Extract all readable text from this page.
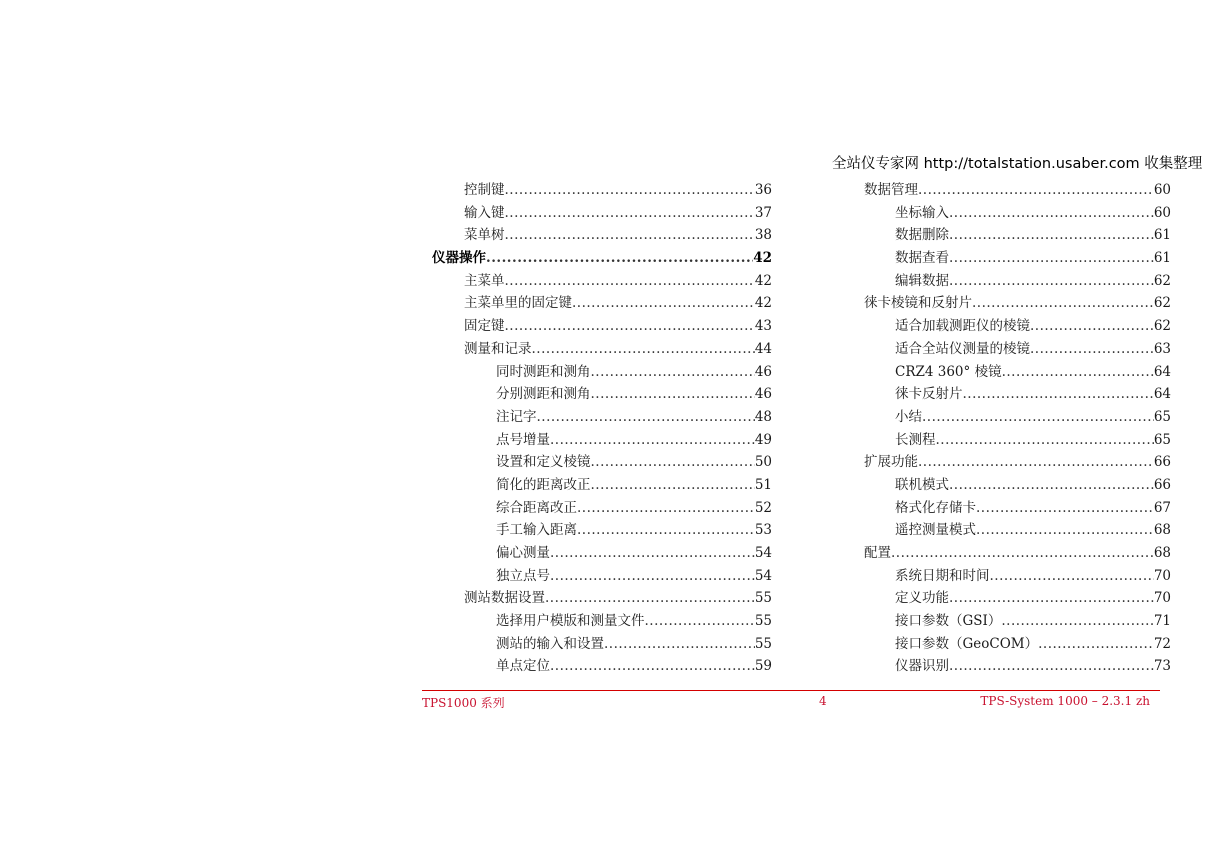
全站仪专家网 http://totalstation.usaber.com 收集整理
控制键 .....	36
输入键 .....	37
菜单树 .....	38
仪器操作 .....	42
主菜单 .....	42
主菜单里的固定键 .....	42
固定键 .....	43
测量和记录 .....	44
同时测距和测角 .....	46
分别测距和测角 .....	46
注记字 .....	48
点号增量 .....	49
设置和定义棱镜 .....	50
简化的距离改正 .....	51
综合距离改正 .....	52
手工输入距离 .....	53
偏心测量 .....	54
独立点号 .....	54
测站数据设置 .....	55
选择用户模版和测量文件 .....	55
测站的输入和设置 .....	55
单点定位 .....	59
数据管理 .....	60
坐标输入 .....	60
数据删除 .....	61
数据查看 .....	61
编辑数据 .....	62
徕卡棱镜和反射片 .....	62
适合加载测距仪的棱镜 .....	62
适合全站仪测量的棱镜 .....	63
CRZ4 360° 棱镜 .....	64
徕卡反射片 .....	64
小结 .....	65
长测程 .....	65
扩展功能 .....	66
联机模式 .....	66
格式化存储卡 .....	67
遥控测量模式 .....	68
配置 .....	68
系统日期和时间 .....	70
定义功能 .....	70
接口参数（GSI） .....	71
接口参数（GeoCOM） .....	72
仪器识别 .....	73
TPS1000 系列	4	TPS-System 1000 – 2.3.1 zh
